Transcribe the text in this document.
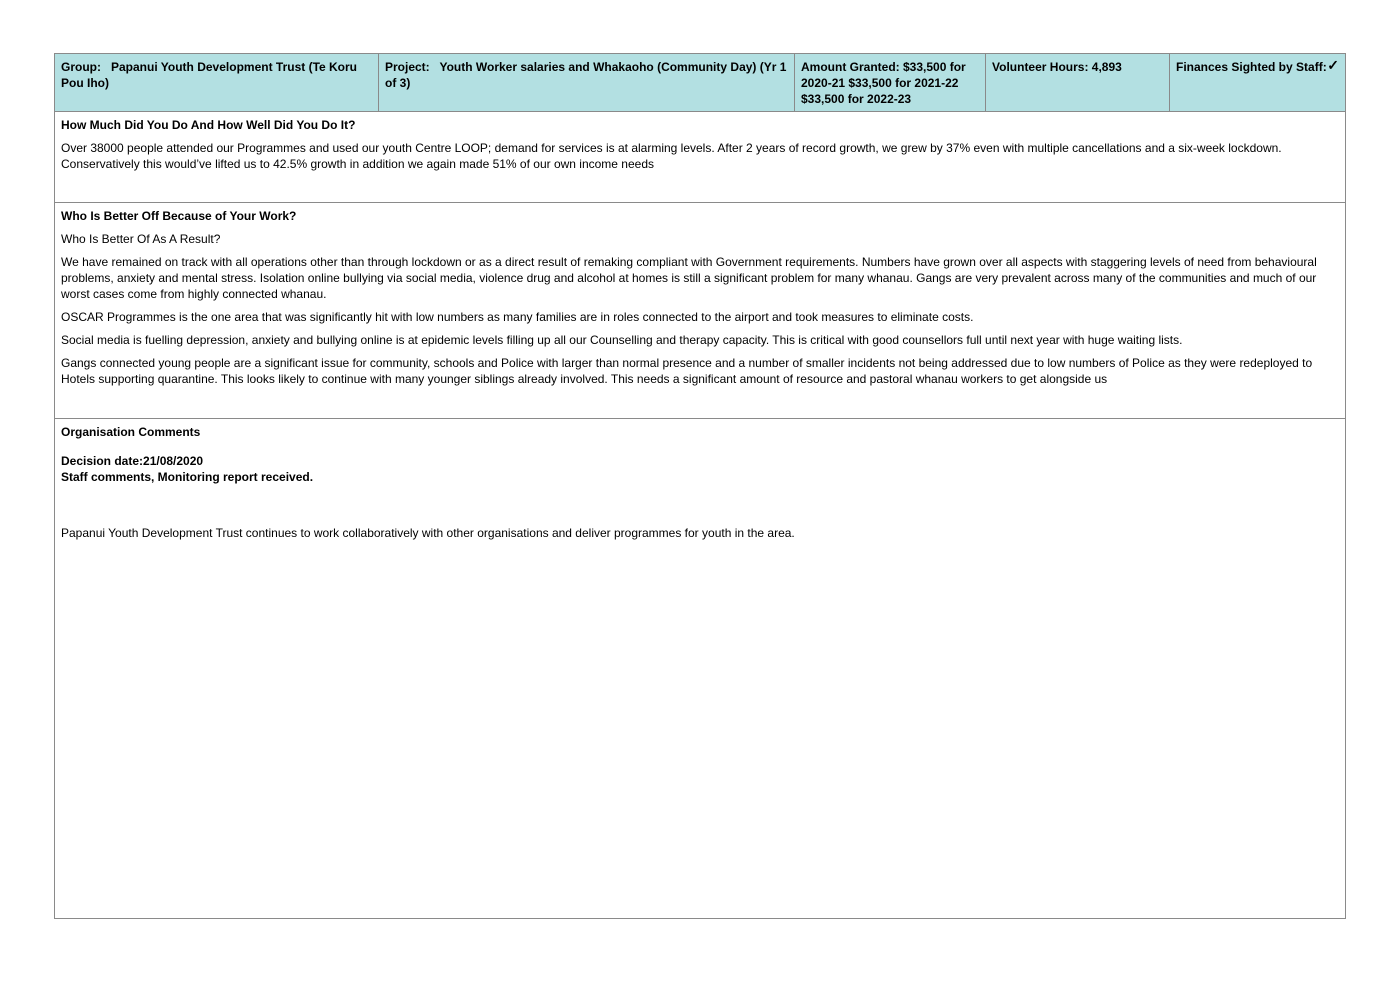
Group:   Papanui Youth Development Trust (Te Koru Pou Iho)
Project:   Youth Worker salaries and Whakaoho (Community Day) (Yr 1 of 3)
Amount Granted: $33,500 for 2020-21 $33,500 for 2021-22 $33,500 for 2022-23
Volunteer Hours: 4,893	Finances Sighted by Staff: ✓
How Much Did You Do And How Well Did You Do It?
Over 38000 people attended our Programmes and used our youth Centre LOOP; demand for services is at alarming levels. After 2 years of record growth, we grew by 37% even with multiple cancellations and a six-week lockdown. Conservatively this would’ve lifted us to 42.5% growth in addition we again made 51% of our own income needs
Who Is Better Off Because of Your Work?
Who Is Better Of As A Result?
We have remained on track with all operations other than through lockdown or as a direct result of remaking compliant with Government requirements. Numbers have grown over all aspects with staggering levels of need from behavioural problems, anxiety and mental stress. Isolation online bullying via social media, violence drug and alcohol at homes is still a significant problem for many whanau. Gangs are very prevalent across many of the communities and much of our worst cases come from highly connected whanau.
OSCAR Programmes is the one area that was significantly hit with low numbers as many families are in roles connected to the airport and took measures to eliminate costs.
Social media is fuelling depression, anxiety and bullying online is at epidemic levels filling up all our Counselling and therapy capacity. This is critical with good counsellors full until next year with huge waiting lists.
Gangs connected young people are a significant issue for community, schools and Police with larger than normal presence and a number of smaller incidents not being addressed due to low numbers of Police as they were redeployed to Hotels supporting quarantine. This looks likely to continue with many younger siblings already involved. This needs a significant amount of resource and pastoral whanau workers to get alongside us
Organisation Comments
Decision date:21/08/2020
Staff comments, Monitoring report received.
Papanui Youth Development Trust continues to work collaboratively with other organisations and deliver programmes for youth in the area.
